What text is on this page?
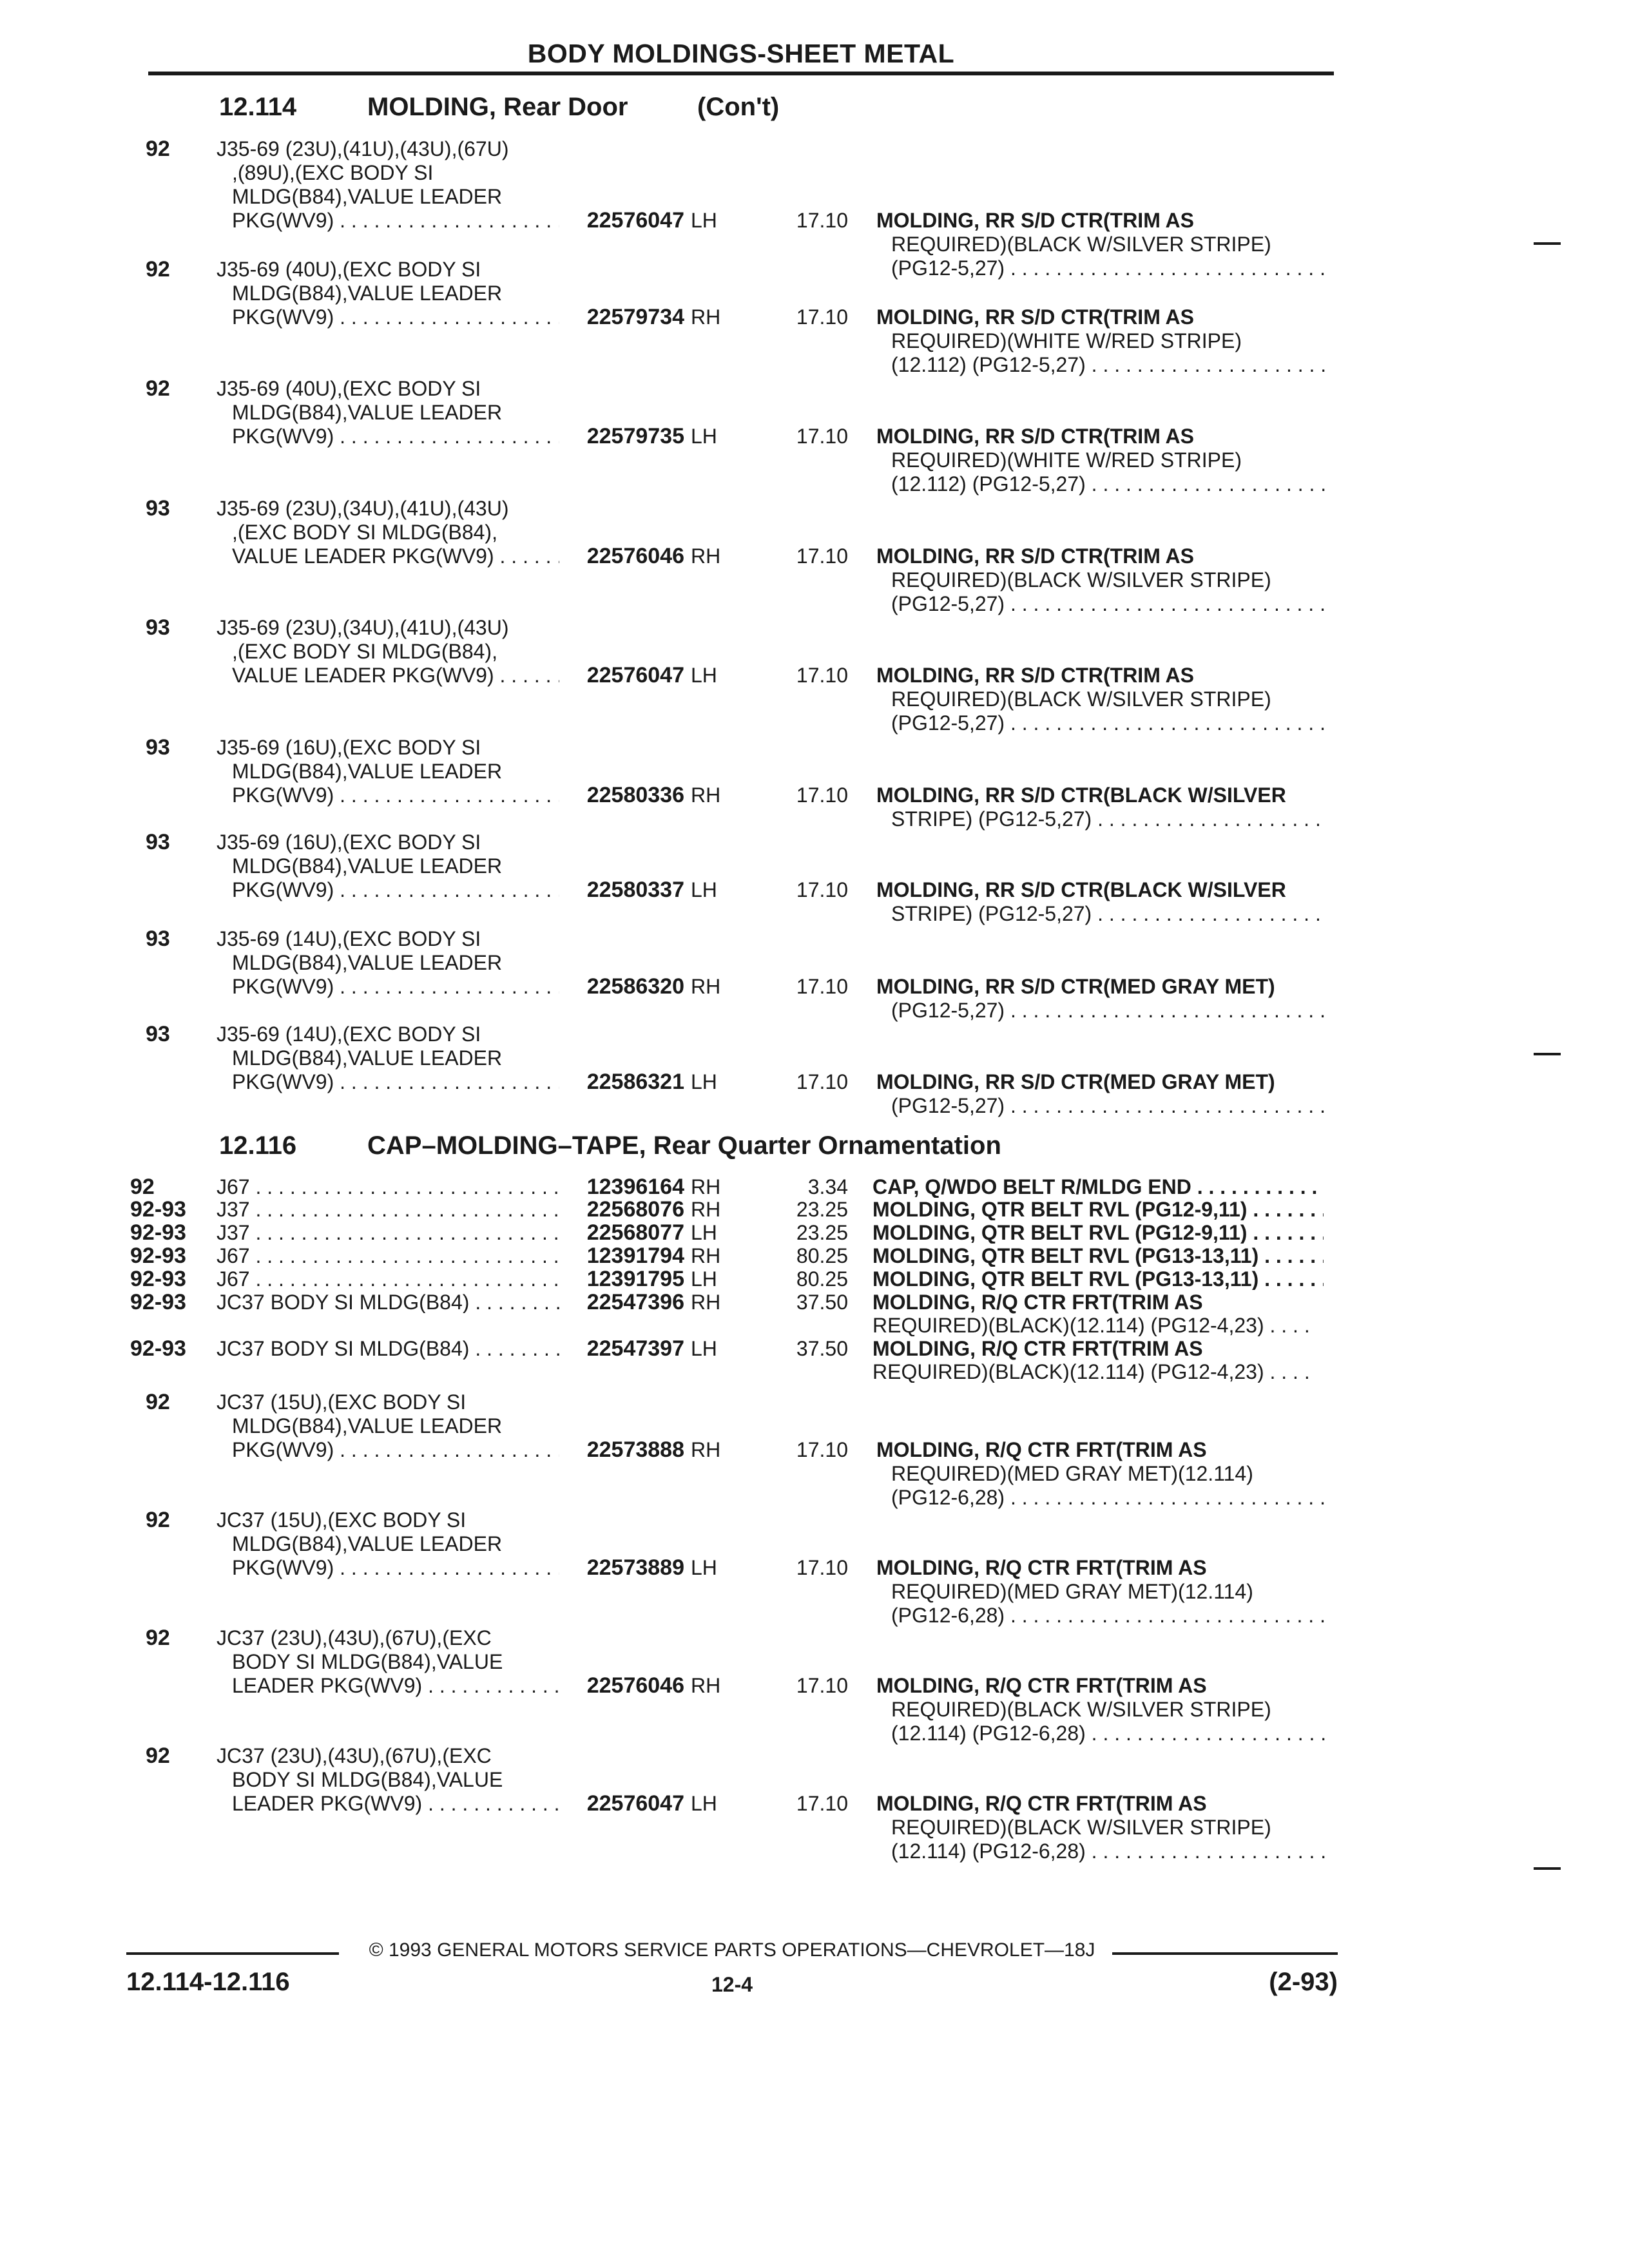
BODY MOLDINGS-SHEET METAL
12.114	MOLDING, Rear Door	(Con't)
12.116	CAP–MOLDING–TAPE, Rear Quarter Ornamentation
92 J35-69 (23U),(41U),(43U),(67U)
,(89U),(EXC BODY SI
MLDG(B84),VALUE LEADER
PKG(WV9) . . .	22576047 LH	17.10 MOLDING, RR S/D CTR(TRIM AS
REQUIRED)(BLACK W/SILVER STRIPE)
(PG12-5,27) . . .
92 J35-69 (40U),(EXC BODY SI
MLDG(B84),VALUE LEADER
PKG(WV9) . . .	22579734 RH	17.10 MOLDING, RR S/D CTR(TRIM AS
REQUIRED)(WHITE W/RED STRIPE)
(12.112) (PG12-5,27) . . .
92 J35-69 (40U),(EXC BODY SI
MLDG(B84),VALUE LEADER
PKG(WV9) . . .	22579735 LH	17.10 MOLDING, RR S/D CTR(TRIM AS
REQUIRED)(WHITE W/RED STRIPE)
(12.112) (PG12-5,27) . . .
93 J35-69 (23U),(34U),(41U),(43U)
,(EXC BODY SI MLDG(B84),
VALUE LEADER PKG(WV9) . . .	22576046 RH	17.10 MOLDING, RR S/D CTR(TRIM AS
REQUIRED)(BLACK W/SILVER STRIPE)
(PG12-5,27) . . .
93 J35-69 (23U),(34U),(41U),(43U)
,(EXC BODY SI MLDG(B84),
VALUE LEADER PKG(WV9) . . .	22576047 LH	17.10 MOLDING, RR S/D CTR(TRIM AS
REQUIRED)(BLACK W/SILVER STRIPE)
(PG12-5,27) . . .
93 J35-69 (16U),(EXC BODY SI
MLDG(B84),VALUE LEADER
PKG(WV9) . . .	22580336 RH	17.10 MOLDING, RR S/D CTR(BLACK W/SILVER
STRIPE) (PG12-5,27) . . .
93 J35-69 (16U),(EXC BODY SI
MLDG(B84),VALUE LEADER
PKG(WV9) . . .	22580337 LH	17.10 MOLDING, RR S/D CTR(BLACK W/SILVER
STRIPE) (PG12-5,27) . . .
93 J35-69 (14U),(EXC BODY SI
MLDG(B84),VALUE LEADER
PKG(WV9) . . .	22586320 RH	17.10 MOLDING, RR S/D CTR(MED GRAY MET)
(PG12-5,27) . . .
93 J35-69 (14U),(EXC BODY SI
MLDG(B84),VALUE LEADER
PKG(WV9) . . .	22586321 LH	17.10 MOLDING, RR S/D CTR(MED GRAY MET)
(PG12-5,27) . . .
92	J67 . . .	12396164 RH	3.34 CAP, Q/WDO BELT R/MLDG END . . .
92-93 J37 . . .	22568076 RH	23.25 MOLDING, QTR BELT RVL (PG12-9,11) . . .
92-93 J37 . . .	22568077 LH	23.25 MOLDING, QTR BELT RVL (PG12-9,11) . . .
92-93 J67 . . .	12391794 RH	80.25 MOLDING, QTR BELT RVL (PG13-13,11) . . .
92-93 J67 . . .	12391795 LH	80.25 MOLDING, QTR BELT RVL (PG13-13,11) . . .
92-93 JC37 BODY SI MLDG(B84) . . .	22547396 RH	37.50 MOLDING, R/Q CTR FRT(TRIM AS
REQUIRED)(BLACK)(12.114) (PG12-4,23) . . .
92-93 JC37 BODY SI MLDG(B84) . . .	22547397 LH	37.50 MOLDING, R/Q CTR FRT(TRIM AS
REQUIRED)(BLACK)(12.114) (PG12-4,23) . . .
92 JC37 (15U),(EXC BODY SI
MLDG(B84),VALUE LEADER
PKG(WV9) . . .	22573888 RH	17.10 MOLDING, R/Q CTR FRT(TRIM AS
REQUIRED)(MED GRAY MET)(12.114)
(PG12-6,28) . . .
92 JC37 (15U),(EXC BODY SI
MLDG(B84),VALUE LEADER
PKG(WV9) . . .	22573889 LH	17.10 MOLDING, R/Q CTR FRT(TRIM AS
REQUIRED)(MED GRAY MET)(12.114)
(PG12-6,28) . . .
92 JC37 (23U),(43U),(67U),(EXC
BODY SI MLDG(B84),VALUE
LEADER PKG(WV9) . . .	22576046 RH	17.10 MOLDING, R/Q CTR FRT(TRIM AS
REQUIRED)(BLACK W/SILVER STRIPE)
(12.114) (PG12-6,28) . . .
92 JC37 (23U),(43U),(67U),(EXC
BODY SI MLDG(B84),VALUE
LEADER PKG(WV9) . . .	22576047 LH	17.10 MOLDING, R/Q CTR FRT(TRIM AS
REQUIRED)(BLACK W/SILVER STRIPE)
(12.114) (PG12-6,28) . . .
© 1993 GENERAL MOTORS SERVICE PARTS OPERATIONS—CHEVROLET—18J
12.114-12.116	12-4	(2-93)
